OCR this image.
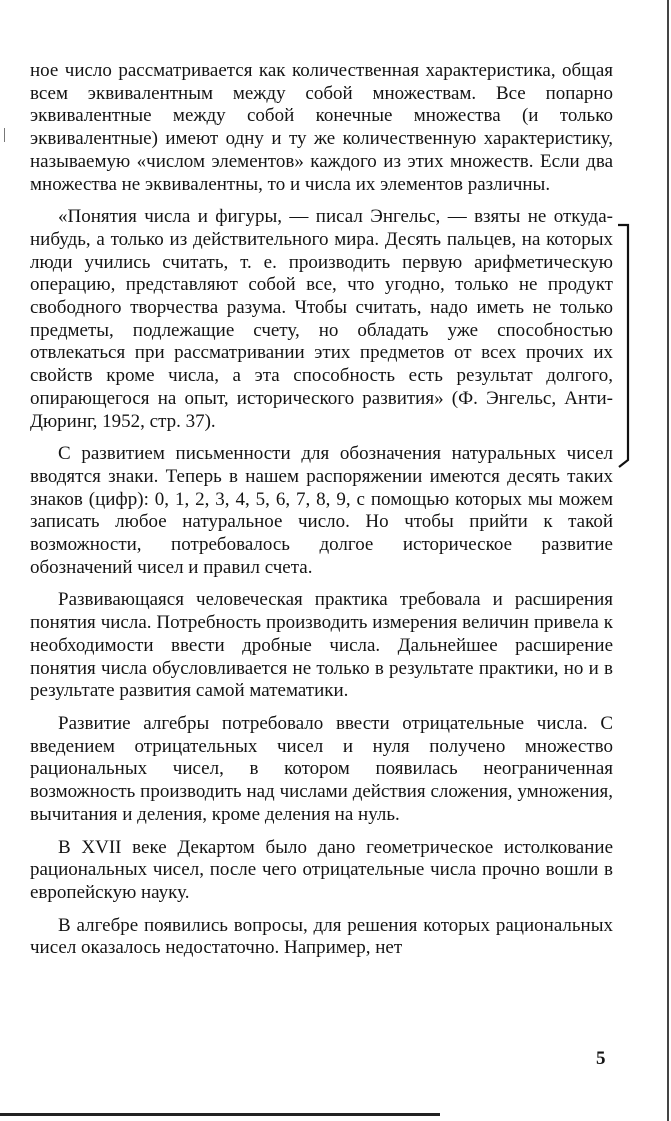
ное число рассматривается как количественная характеристика, общая всем эквивалентным между собой множествам. Все попарно эквивалентные между собой конечные множества (и только эквивалентные) имеют одну и ту же количественную характеристику, называемую «числом элементов» каждого из этих множеств. Если два множества не эквивалентны, то и числа их элементов различны.

«Понятия числа и фигуры, — писал Энгельс, — взяты не откуда-нибудь, а только из действительного мира. Десять пальцев, на которых люди учились считать, т. е. производить первую арифметическую операцию, представляют собой все, что угодно, только не продукт свободного творчества разума. Чтобы считать, надо иметь не только предметы, подлежащие счету, но обладать уже способностью отвлекаться при рассматривании этих предметов от всех прочих их свойств кроме числа, а эта способность есть результат долгого, опирающегося на опыт, исторического развития» (Ф. Энгельс, Анти-Дюринг, 1952, стр. 37).

С развитием письменности для обозначения натуральных чисел вводятся знаки. Теперь в нашем распоряжении имеются десять таких знаков (цифр): 0, 1, 2, 3, 4, 5, 6, 7, 8, 9, с помощью которых мы можем записать любое натуральное число. Но чтобы прийти к такой возможности, потребовалось долгое историческое развитие обозначений чисел и правил счета.

Развивающаяся человеческая практика требовала и расширения понятия числа. Потребность производить измерения величин привела к необходимости ввести дробные числа. Дальнейшее расширение понятия числа обусловливается не только в результате практики, но и в результате развития самой математики.

Развитие алгебры потребовало ввести отрицательные числа. С введением отрицательных чисел и нуля получено множество рациональных чисел, в котором появилась неограниченная возможность производить над числами действия сложения, умножения, вычитания и деления, кроме деления на нуль.

В XVII веке Декартом было дано геометрическое истолкование рациональных чисел, после чего отрицательные числа прочно вошли в европейскую науку.

В алгебре появились вопросы, для решения которых рациональных чисел оказалось недостаточно. Например, нет

5
